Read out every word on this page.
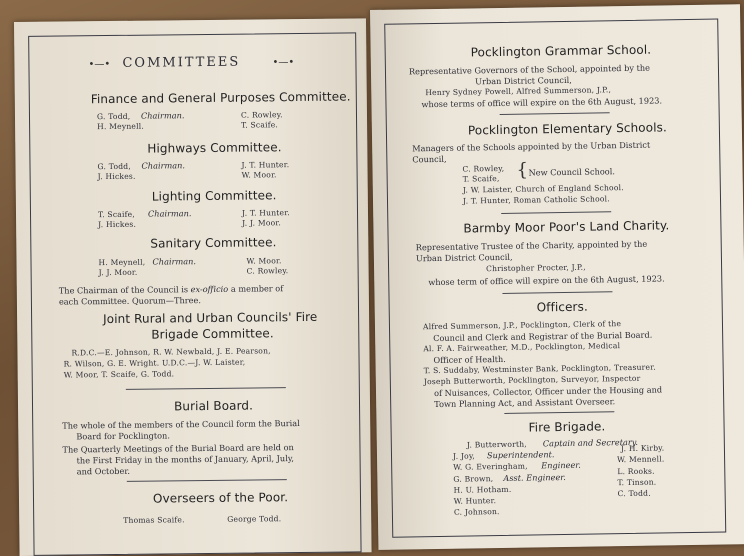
•—• COMMITTEES	•—•
Finance and General Purposes Committee.
G. Todd, Chairman.	C. Rowley.
H. Meynell.	T. Scaife.
Highways Committee.
G. Todd, Chairman.	J. T. Hunter.
J. Hickes.	W. Moor.
Lighting Committee.
T. Scaife, Chairman.	J. T. Hunter.
J. Hickes.	J. J. Moor.
Sanitary Committee.
H. Meynell, Chairman.	W. Moor.
J. J. Moor.	C. Rowley.
The Chairman of the Council is ex-officio a member of
each Committee. Quorum—Three.
Joint Rural and Urban Councils' Fire
Brigade Committee.
R.D.C.—E. Johnson, R. W. Newbald, J. E. Pearson,
R. Wilson, G. E. Wright. U.D.C.—J. W. Laister,
W. Moor, T. Scaife, G. Todd.
Burial Board.
The whole of the members of the Council form the Burial
Board for Pocklington.
The Quarterly Meetings of the Burial Board are held on
the First Friday in the months of January, April, July,
and October.
Overseers of the Poor.
Thomas Scaife.	George Todd.
Pocklington Grammar School.
Representative Governors of the School, appointed by the
Urban District Council,
Henry Sydney Powell, Alfred Summerson, J.P.,
whose terms of office will expire on the 6th August, 1923.
Pocklington Elementary Schools.
Managers of the Schools appointed by the Urban District
Council,
C. Rowley,
T. Scaife, { New Council School.
J. W. Laister, Church of England School.
J. T. Hunter, Roman Catholic School.
Barmby Moor Poor's Land Charity.
Representative Trustee of the Charity, appointed by the
Urban District Council,
Christopher Procter, J.P.,
whose term of office will expire on the 6th August, 1923.
Officers.
Alfred Summerson, J.P., Pocklington, Clerk of the
Council and Clerk and Registrar of the Burial Board.
Al. F. A. Fairweather, M.D., Pocklington, Medical
Officer of Health.
T. S. Suddaby, Westminster Bank, Pocklington, Treasurer.
Joseph Butterworth, Pocklington, Surveyor, Inspector
of Nuisances, Collector, Officer under the Housing and
Town Planning Act, and Assistant Overseer.
Fire Brigade.
J. Butterworth, Captain and Secretary.
J. Joy, Superintendent.
W. G. Everingham, Engineer.
G. Brown, Asst. Engineer.
H. U. Hotham.
W. Hunter.
C. Johnson.
J. H. Kirby.
W. Mennell.
L. Rooks.
T. Tinson.
C. Todd.
